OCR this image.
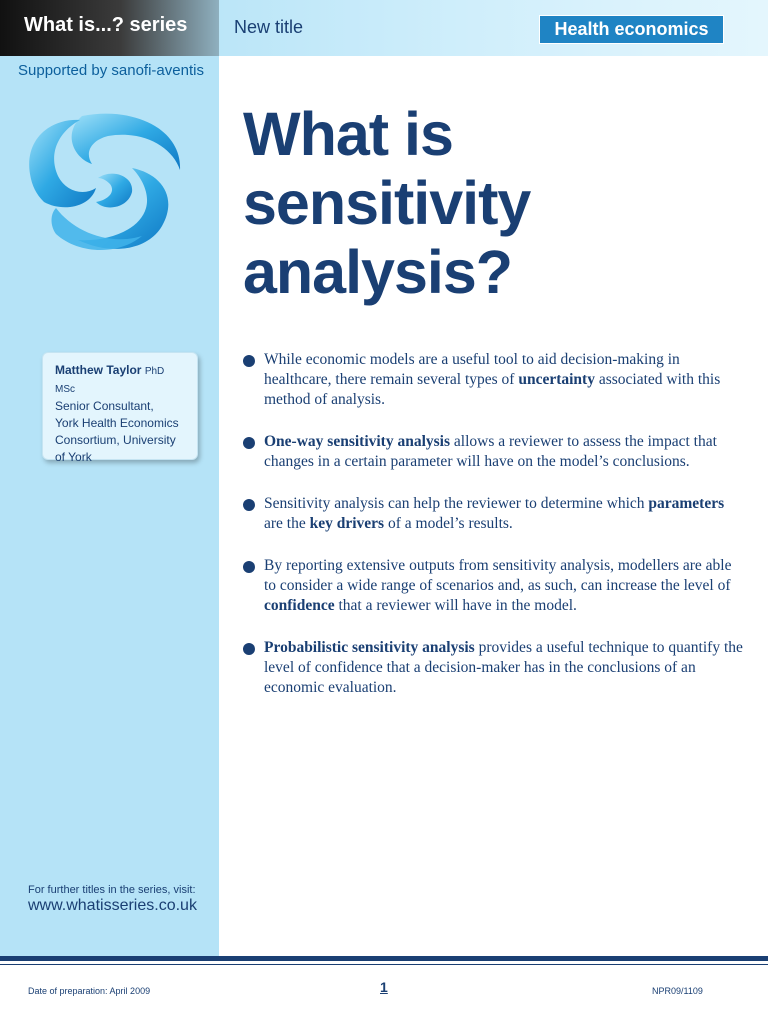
What is...? series	New title	Health economics
Supported by sanofi-aventis
Matthew Taylor PhD MSc
Senior Consultant,
York Health Economics
Consortium, University
of York
For further titles in the series, visit:
www.whatisseries.co.uk
What is
sensitivity
analysis?
While economic models are a useful tool to aid decision-making in healthcare, there remain several types of uncertainty associated with this method of analysis.
One-way sensitivity analysis allows a reviewer to assess the impact that changes in a certain parameter will have on the model’s conclusions.
Sensitivity analysis can help the reviewer to determine which parameters are the key drivers of a model’s results.
By reporting extensive outputs from sensitivity analysis, modellers are able to consider a wide range of scenarios and, as such, can increase the level of confidence that a reviewer will have in the model.
Probabilistic sensitivity analysis provides a useful technique to quantify the level of confidence that a decision-maker has in the conclusions of an economic evaluation.
Date of preparation: April 2009	1	NPR09/1109
